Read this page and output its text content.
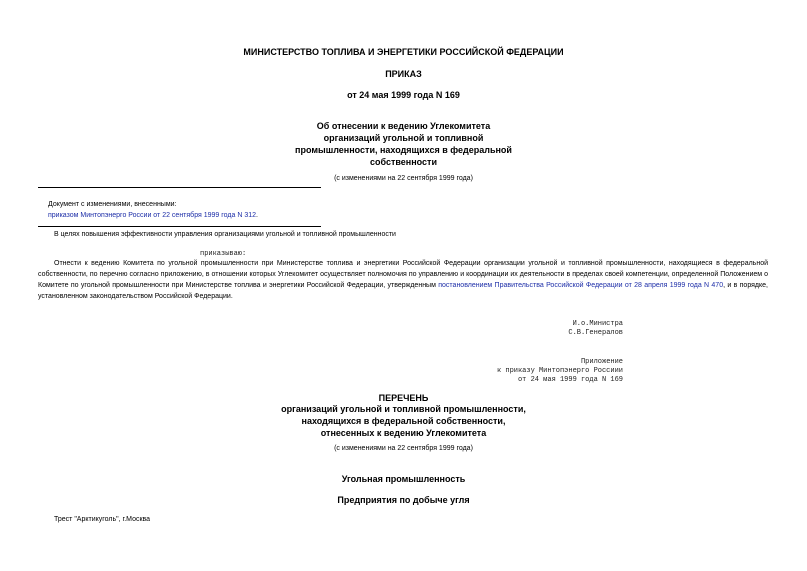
МИНИСТЕРСТВО ТОПЛИВА И ЭНЕРГЕТИКИ РОССИЙСКОЙ ФЕДЕРАЦИИ
ПРИКАЗ
от 24 мая 1999 года N 169
Об отнесении к ведению Углекомитета
организаций угольной и топливной
промышленности, находящихся в федеральной
собственности
(с изменениями на 22 сентября 1999 года)
Документ с изменениями, внесенными:
приказом Минтопэнерго России от 22 сентября 1999 года N 312.
В целях повышения эффективности управления организациями угольной и топливной промышленности
приказываю:
Отнести к ведению Комитета по угольной промышленности при Министерстве топлива и энергетики Российской Федерации организации угольной и топливной промышленности, находящиеся в федеральной собственности, по перечню согласно приложению, в отношении которых Углекомитет осуществляет полномочия по управлению и координации их деятельности в пределах своей компетенции, определенной Положением о Комитете по угольной промышленности при Министерстве топлива и энергетики Российской Федерации, утвержденным постановлением Правительства Российской Федерации от 28 апреля 1999 года N 470, и в порядке, установленном законодательством Российской Федерации.
И.о.Министра
С.В.Генералов
Приложение
к приказу Минтопэнерго Россиии
от 24 мая 1999 года N 169
ПЕРЕЧЕНЬ
организаций угольной и топливной промышленности,
находящихся в федеральной собственности,
отнесенных к ведению Углекомитета
(с изменениями на 22 сентября 1999 года)
Угольная промышленность
Предприятия по добыче угля
Трест "Арктикуголь", г.Москва
